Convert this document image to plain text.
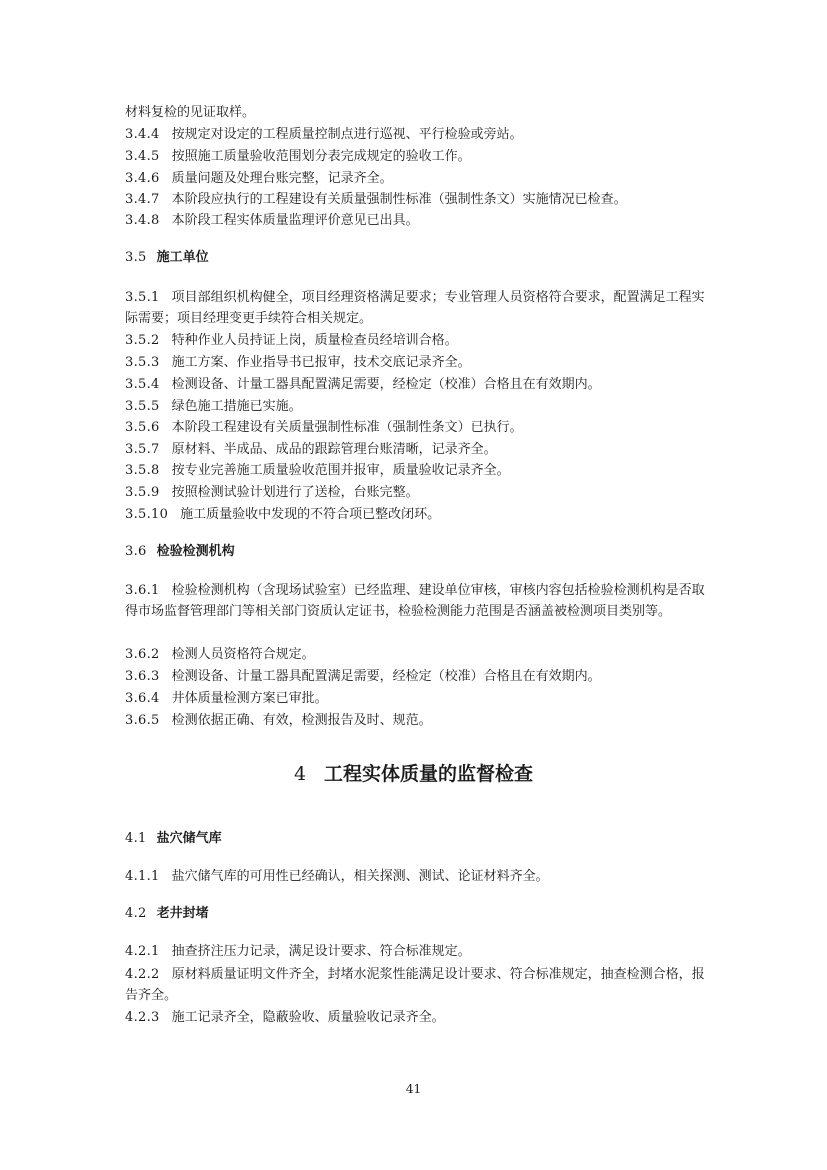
材料复检的见证取样。
3.4.4 按规定对设定的工程质量控制点进行巡视、平行检验或旁站。
3.4.5 按照施工质量验收范围划分表完成规定的验收工作。
3.4.6 质量问题及处理台账完整，记录齐全。
3.4.7 本阶段应执行的工程建设有关质量强制性标准（强制性条文）实施情况已检查。
3.4.8 本阶段工程实体质量监理评价意见已出具。
3.5 施工单位
3.5.1 项目部组织机构健全，项目经理资格满足要求；专业管理人员资格符合要求，配置满足工程实际需要；项目经理变更手续符合相关规定。
3.5.2 特种作业人员持证上岗，质量检查员经培训合格。
3.5.3 施工方案、作业指导书已报审，技术交底记录齐全。
3.5.4 检测设备、计量工器具配置满足需要，经检定（校准）合格且在有效期内。
3.5.5 绿色施工措施已实施。
3.5.6 本阶段工程建设有关质量强制性标准（强制性条文）已执行。
3.5.7 原材料、半成品、成品的跟踪管理台账清晰，记录齐全。
3.5.8 按专业完善施工质量验收范围并报审，质量验收记录齐全。
3.5.9 按照检测试验计划进行了送检，台账完整。
3.5.10 施工质量验收中发现的不符合项已整改闭环。
3.6 检验检测机构
3.6.1 检验检测机构（含现场试验室）已经监理、建设单位审核，审核内容包括检验检测机构是否取得市场监督管理部门等相关部门资质认定证书，检验检测能力范围是否涵盖被检测项目类别等。
3.6.2 检测人员资格符合规定。
3.6.3 检测设备、计量工器具配置满足需要，经检定（校准）合格且在有效期内。
3.6.4 井体质量检测方案已审批。
3.6.5 检测依据正确、有效，检测报告及时、规范。
4 工程实体质量的监督检查
4.1 盐穴储气库
4.1.1 盐穴储气库的可用性已经确认，相关探测、测试、论证材料齐全。
4.2 老井封堵
4.2.1 抽查挤注压力记录，满足设计要求、符合标准规定。
4.2.2 原材料质量证明文件齐全，封堵水泥浆性能满足设计要求、符合标准规定，抽查检测合格，报告齐全。
4.2.3 施工记录齐全，隐蔽验收、质量验收记录齐全。
41
